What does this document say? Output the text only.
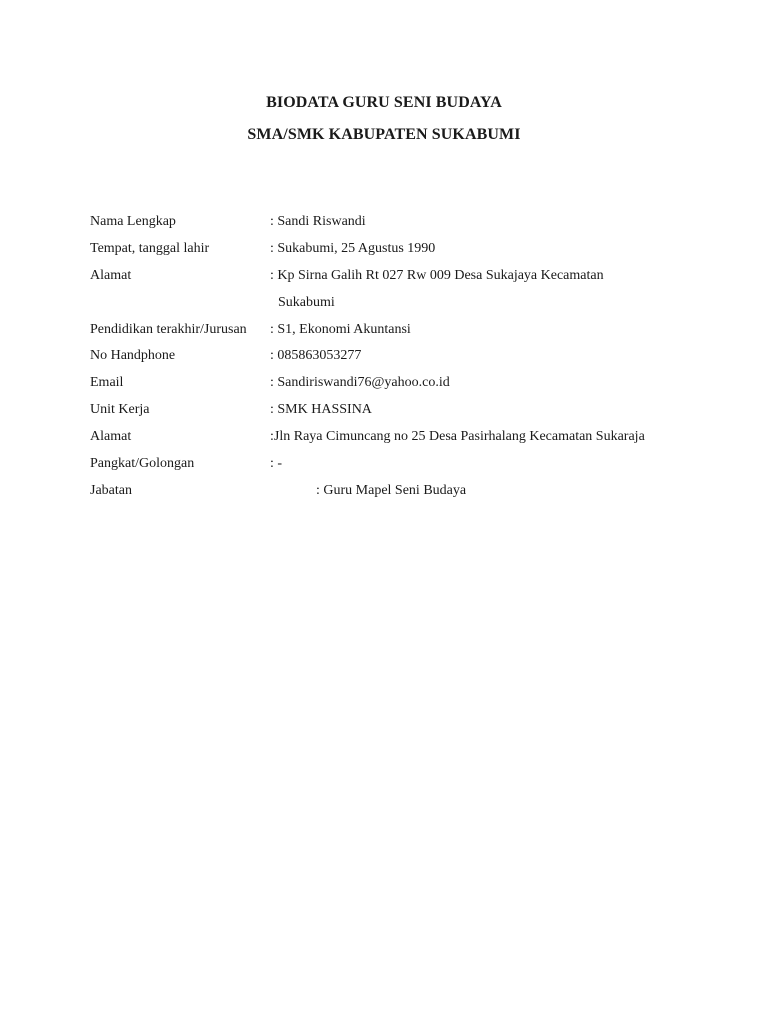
BIODATA GURU SENI BUDAYA
SMA/SMK KABUPATEN SUKABUMI
Nama Lengkap	: Sandi Riswandi
Tempat, tanggal lahir	: Sukabumi, 25 Agustus 1990
Alamat	: Kp Sirna Galih Rt 027 Rw 009 Desa Sukajaya Kecamatan
Sukabumi
Pendidikan terakhir/Jurusan : S1, Ekonomi Akuntansi
No Handphone	: 085863053277
Email	: Sandiriswandi76@yahoo.co.id
Unit Kerja	: SMK HASSINA
Alamat	:Jln Raya Cimuncang no 25 Desa Pasirhalang Kecamatan Sukaraja
Pangkat/Golongan	: -
Jabatan	: Guru Mapel Seni Budaya
